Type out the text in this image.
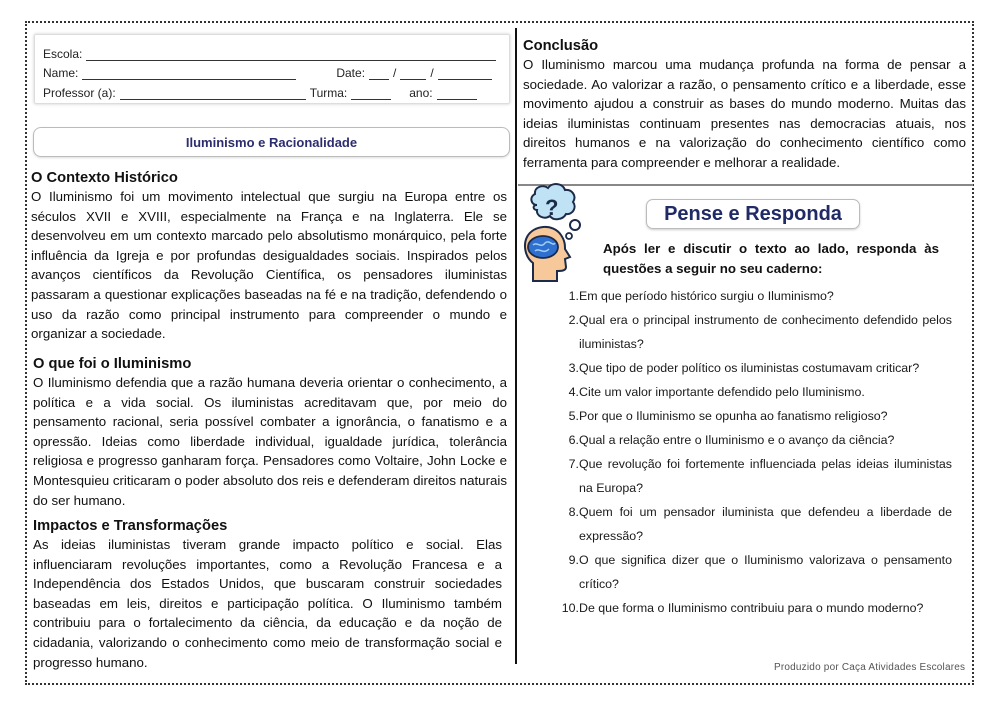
Escola:
Name:	Date: /	/
Professor (a):	Turma:	ano:
Iluminismo e Racionalidade
O Contexto Histórico

O Iluminismo foi um movimento intelectual que surgiu na Europa entre os séculos XVII e XVIII, especialmente na França e na Inglaterra. Ele se desenvolveu em um contexto marcado pelo absolutismo monárquico, pela forte influência da Igreja e por profundas desigualdades sociais. Inspirados pelos avanços científicos da Revolução Científica, os pensadores iluministas passaram a questionar explicações baseadas na fé e na tradição, defendendo o uso da razão como principal instrumento para compreender o mundo e organizar a sociedade.

O que foi o Iluminismo

O Iluminismo defendia que a razão humana deveria orientar o conhecimento, a política e a vida social. Os iluministas acreditavam que, por meio do pensamento racional, seria possível combater a ignorância, o fanatismo e a opressão. Ideias como liberdade individual, igualdade jurídica, tolerância religiosa e progresso ganharam força. Pensadores como Voltaire, John Locke e Montesquieu criticaram o poder absoluto dos reis e defenderam direitos naturais do ser humano.

Impactos e Transformações

As ideias iluministas tiveram grande impacto político e social. Elas influenciaram revoluções importantes, como a Revolução Francesa e a Independência dos Estados Unidos, que buscaram construir sociedades baseadas em leis, direitos e participação política. O Iluminismo também contribuiu para o fortalecimento da ciência, da educação e da noção de cidadania, valorizando o conhecimento como meio de transformação social e progresso humano.

Conclusão

O Iluminismo marcou uma mudança profunda na forma de pensar a sociedade. Ao valorizar a razão, o pensamento crítico e a liberdade, esse movimento ajudou a construir as bases do mundo moderno. Muitas das ideias iluministas continuam presentes nas democracias atuais, nos direitos humanos e na valorização do conhecimento científico como ferramenta para compreender e melhorar a realidade.

?	Pense e Responda
Após ler e discutir o texto ao lado, responda às questões a seguir no seu caderno:
1. Em que período histórico surgiu o Iluminismo?
2. Qual era o principal instrumento de conhecimento defendido pelos iluministas?
3. Que tipo de poder político os iluministas costumavam criticar?
4. Cite um valor importante defendido pelo Iluminismo.
5. Por que o Iluminismo se opunha ao fanatismo religioso?
6. Qual a relação entre o Iluminismo e o avanço da ciência?
7. Que revolução foi fortemente influenciada pelas ideias iluministas na Europa?
8. Quem foi um pensador iluminista que defendeu a liberdade de expressão?
9. O que significa dizer que o Iluminismo valorizava o pensamento crítico?
10. De que forma o Iluminismo contribuiu para o mundo moderno?
Produzido por Caça Atividades Escolares
